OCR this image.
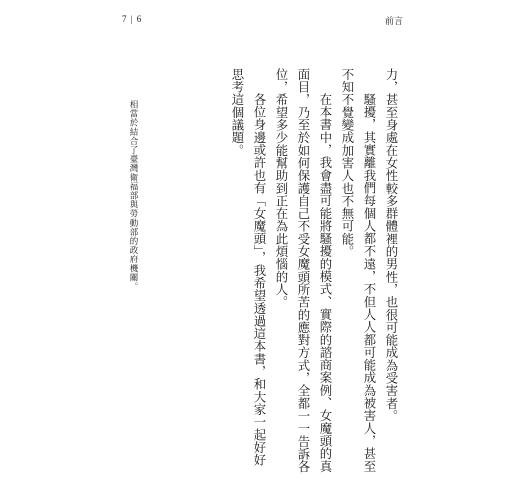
7 | 6	前言

力，甚至身處在女性較多群體裡的男性，也很可能成為受害者。

騷擾，其實離我們每個人都不遠，不但人人都可能成為被害人，甚至不知不覺變成加害人也不無可能。

在本書中，我會盡可能將騷擾的模式、實際的諮商案例、女魔頭的真面目，乃至於如何保護自己不受女魔頭所苦的應對方式，全都一一告訴各位，希望多少能幫助到正在為此煩惱的人。

各位身邊或許也有「女魔頭」，我希望透過這本書，和大家一起好好思考這個議題。

相當於結合了臺灣衛福部與勞動部的政府機關。
